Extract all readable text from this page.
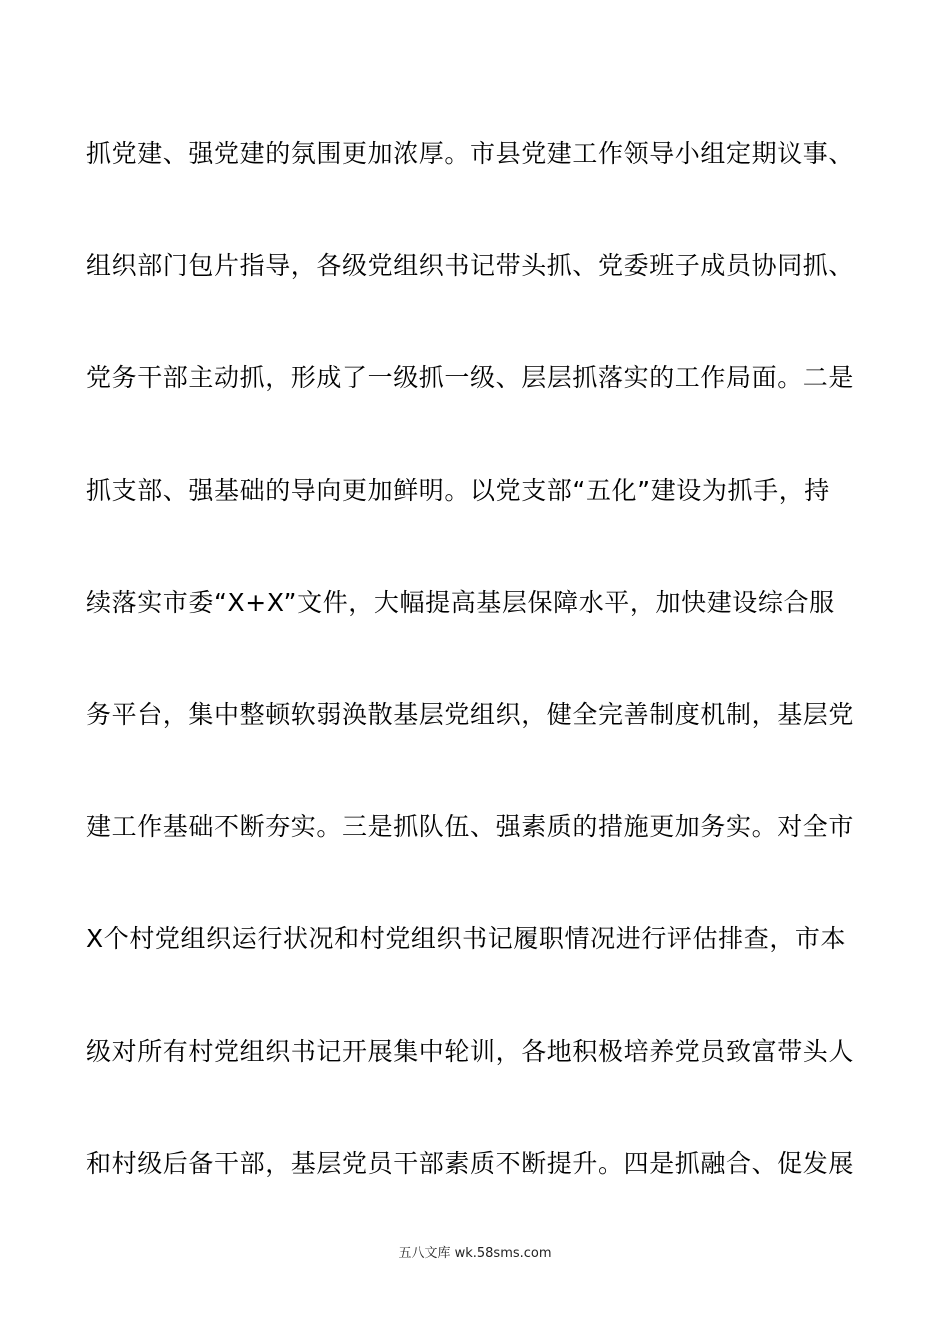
抓党建、强党建的氛围更加浓厚。市县党建工作领导小组定期议事、
组织部门包片指导，各级党组织书记带头抓、党委班子成员协同抓、
党务干部主动抓，形成了一级抓一级、层层抓落实的工作局面。二是
抓支部、强基础的导向更加鲜明。以党支部“五化”建设为抓手，持
续落实市委“X+X”文件，大幅提高基层保障水平，加快建设综合服
务平台，集中整顿软弱涣散基层党组织，健全完善制度机制，基层党
建工作基础不断夯实。三是抓队伍、强素质的措施更加务实。对全市
X个村党组织运行状况和村党组织书记履职情况进行评估排查，市本
级对所有村党组织书记开展集中轮训，各地积极培养党员致富带头人
和村级后备干部，基层党员干部素质不断提升。四是抓融合、促发展
五八文库 wk.58sms.com
